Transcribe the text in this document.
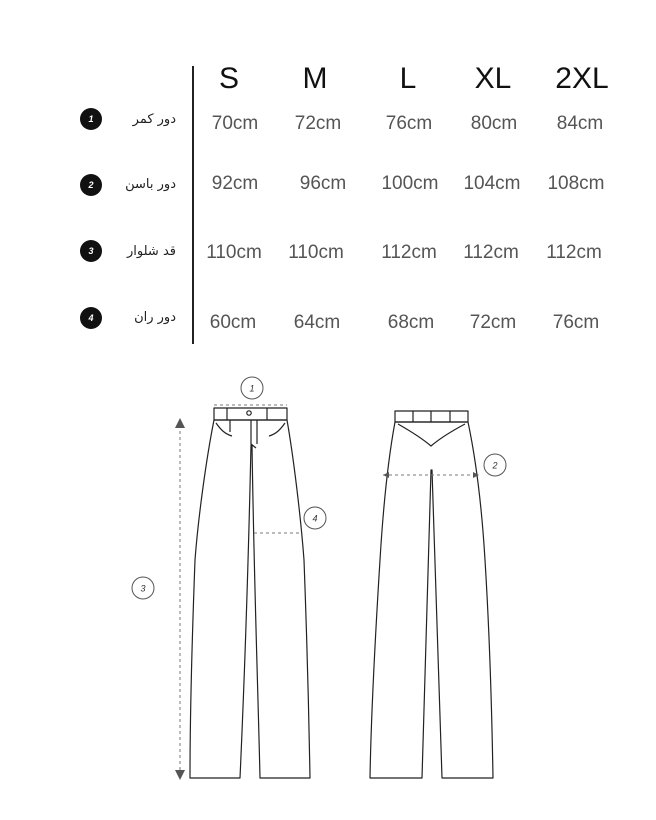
S	M	L	XL	2XL
1	دور کمر	70cm	72cm	76cm	80cm	84cm
2	دور باسن	92cm	96cm	100cm	104cm	108cm
3	قد شلوار	110cm	110cm	112cm	112cm	112cm
4	دور ران	60cm	64cm	68cm	72cm	76cm
1
2
4
3
